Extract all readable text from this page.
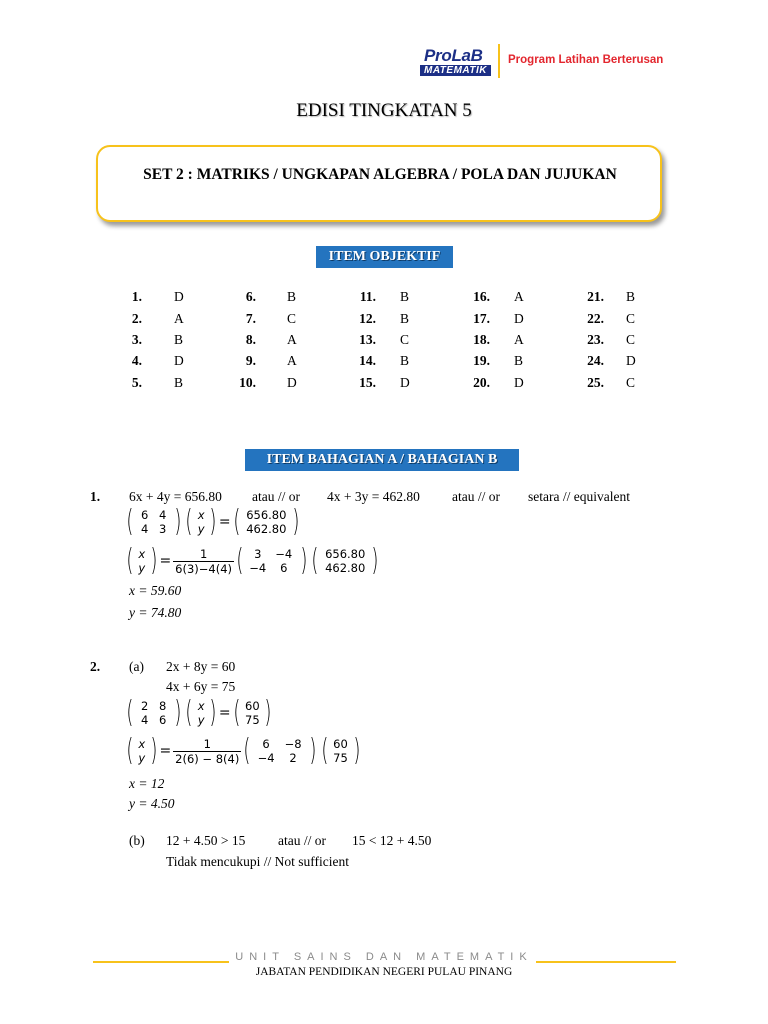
ProLaB
MATEMATIK
Program Latihan Berterusan
EDISI TINGKATAN 5
SET 2 : MATRIKS / UNGKAPAN ALGEBRA / POLA DAN JUJUKAN
ITEM OBJEKTIF
1. D	6. B	11. B	16. A	21. B
2. A	7. C	12. B	17. D	22. C
3. B	8. A	13. C	18. A	23. C
4. D	9. A	14. B	19. B	24. D
5. B	10. D	15. D	20. D	25. C
ITEM BAHAGIAN A / BAHAGIAN B
1. 6x + 4y = 656.80 atau // or 4x + 3y = 462.80 atau // or setara // equivalent
( 6 4
4 3 ) ( x
y ) = ( 656.80
462.80 )
( x
y ) = $\frac{1}{6(3)-4(4)}$ ( 3	−4
−4	6 ) ( 656.80
462.80 )
x = 59.60
y = 74.80
2. (a) 2x + 8y = 60
4x + 6y = 75
( 2 8
4 6 ) ( x
y ) = ( 60
75 )
( x
y ) = $\frac{1}{2(6) - 8(4)}$ (	6	−8
−4	2 ) ( 60
75 )
x = 12
y = 4.50
(b) 12 + 4.50 > 15 atau // or 15 < 12 + 4.50
Tidak mencukupi // Not sufficient
UNIT SAINS DAN MATEMATIK
JABATAN PENDIDIKAN NEGERI PULAU PINANG
